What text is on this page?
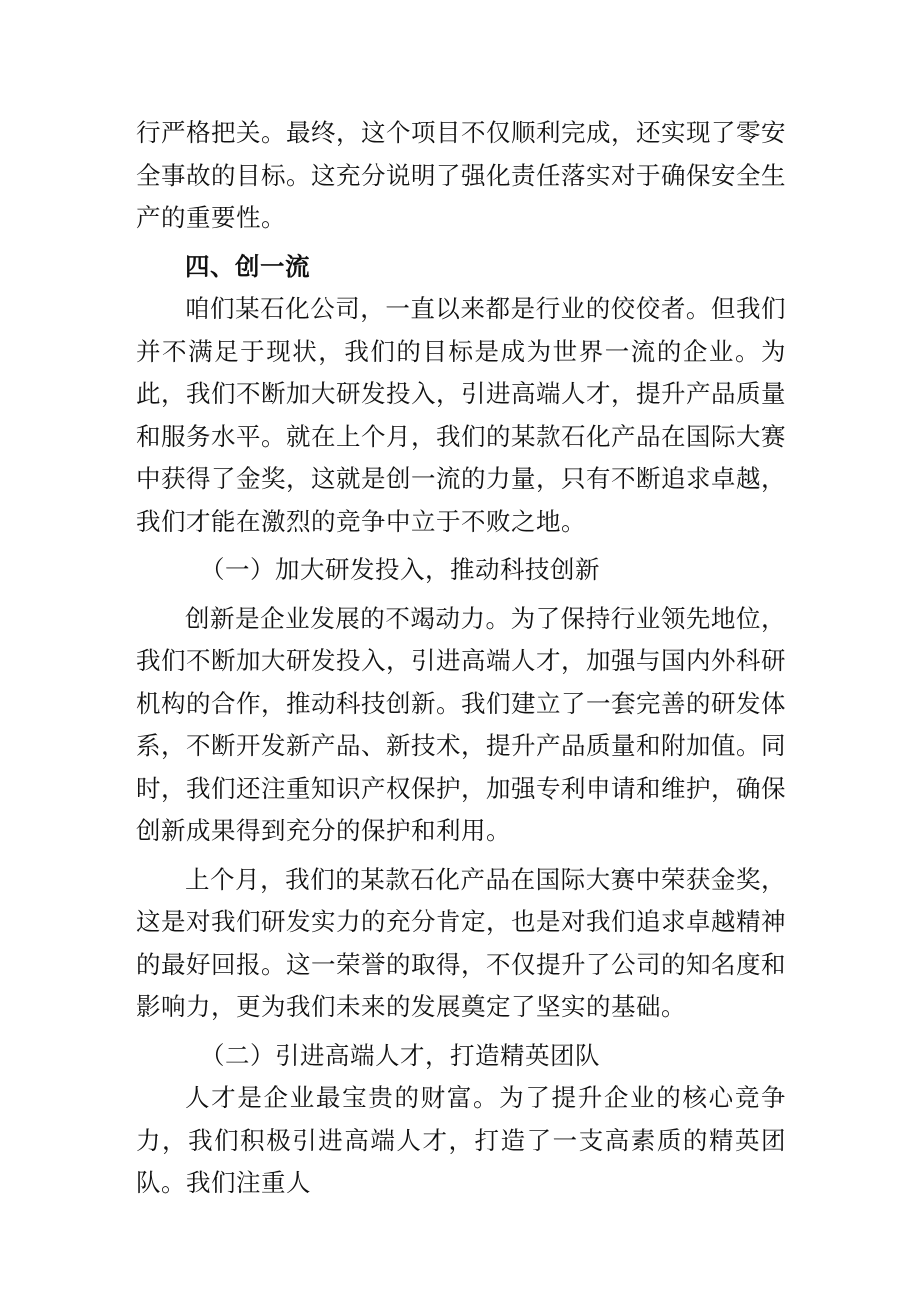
行严格把关。最终，这个项目不仅顺利完成，还实现了零安全事故的目标。这充分说明了强化责任落实对于确保安全生产的重要性。

四、创一流

咱们某石化公司，一直以来都是行业的佼佼者。但我们并不满足于现状，我们的目标是成为世界一流的企业。为此，我们不断加大研发投入，引进高端人才，提升产品质量和服务水平。就在上个月，我们的某款石化产品在国际大赛中获得了金奖，这就是创一流的力量，只有不断追求卓越，我们才能在激烈的竞争中立于不败之地。

（一）加大研发投入，推动科技创新

创新是企业发展的不竭动力。为了保持行业领先地位，我们不断加大研发投入，引进高端人才，加强与国内外科研机构的合作，推动科技创新。我们建立了一套完善的研发体系，不断开发新产品、新技术，提升产品质量和附加值。同时，我们还注重知识产权保护，加强专利申请和维护，确保创新成果得到充分的保护和利用。

上个月，我们的某款石化产品在国际大赛中荣获金奖，这是对我们研发实力的充分肯定，也是对我们追求卓越精神的最好回报。这一荣誉的取得，不仅提升了公司的知名度和影响力，更为我们未来的发展奠定了坚实的基础。

（二）引进高端人才，打造精英团队

人才是企业最宝贵的财富。为了提升企业的核心竞争力，我们积极引进高端人才，打造了一支高素质的精英团队。我们注重人
